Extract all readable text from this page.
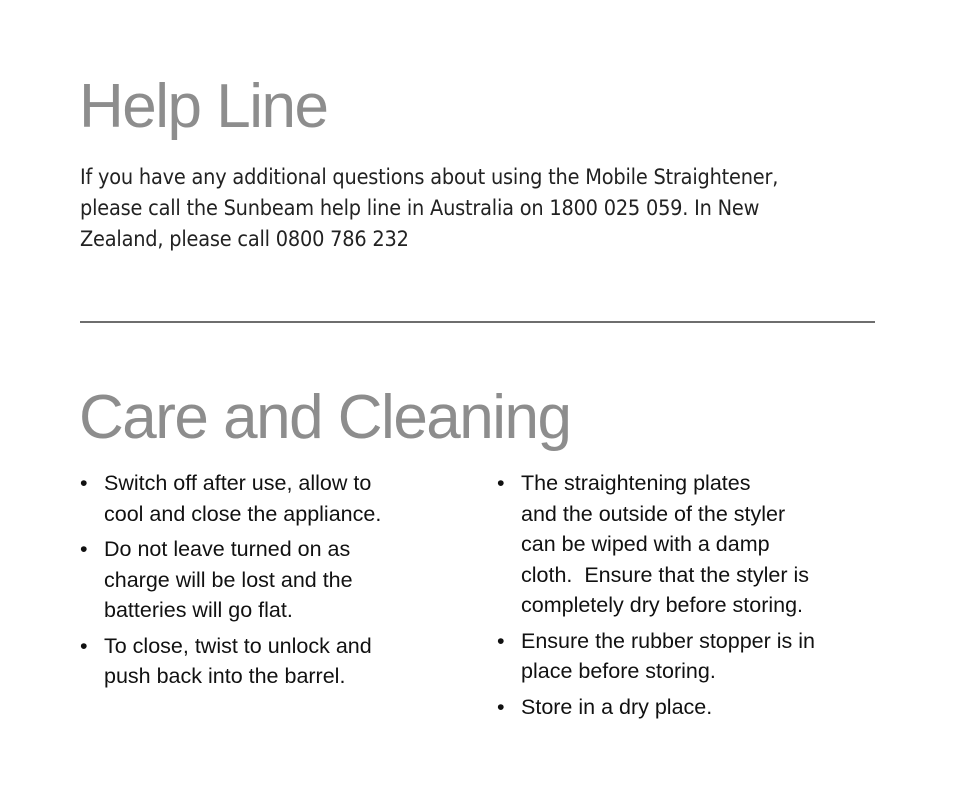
Help Line

If you have any additional questions about using the Mobile Straightener,
please call the Sunbeam help line in Australia on 1800 025 059. In New
Zealand, please call 0800 786 232

Care and Cleaning
• Switch off after use, allow to
cool and close the appliance.
• Do not leave turned on as
charge will be lost and the
batteries will go flat.
• To close, twist to unlock and
push back into the barrel.
• The straightening plates
and the outside of the styler
can be wiped with a damp
cloth.  Ensure that the styler is
completely dry before storing.
• Ensure the rubber stopper is in
place before storing.
• Store in a dry place.
